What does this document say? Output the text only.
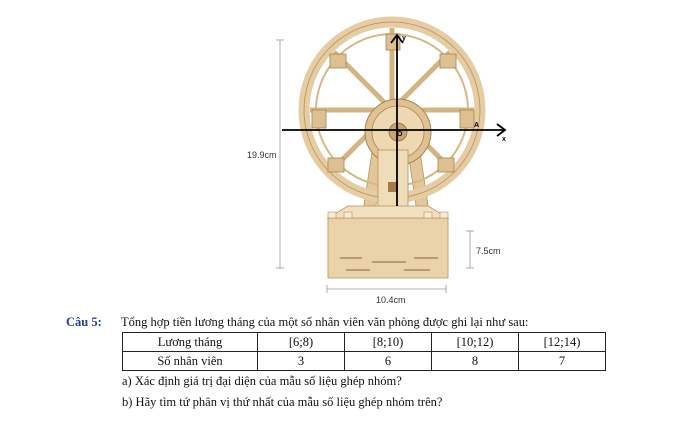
19.9cm
7.5cm
10.4cm
y
x
A
O
Câu 5: Tổng hợp tiền lương tháng của một số nhân viên văn phòng được ghi lại như sau:
Lương tháng	[6;8)	[8;10)	[10;12)	[12;14)
Số nhân viên	3	6	8	7
a) Xác định giá trị đại diện của mẫu số liệu ghép nhóm?
b) Hãy tìm tứ phân vị thứ nhất của mẫu số liệu ghép nhóm trên?
